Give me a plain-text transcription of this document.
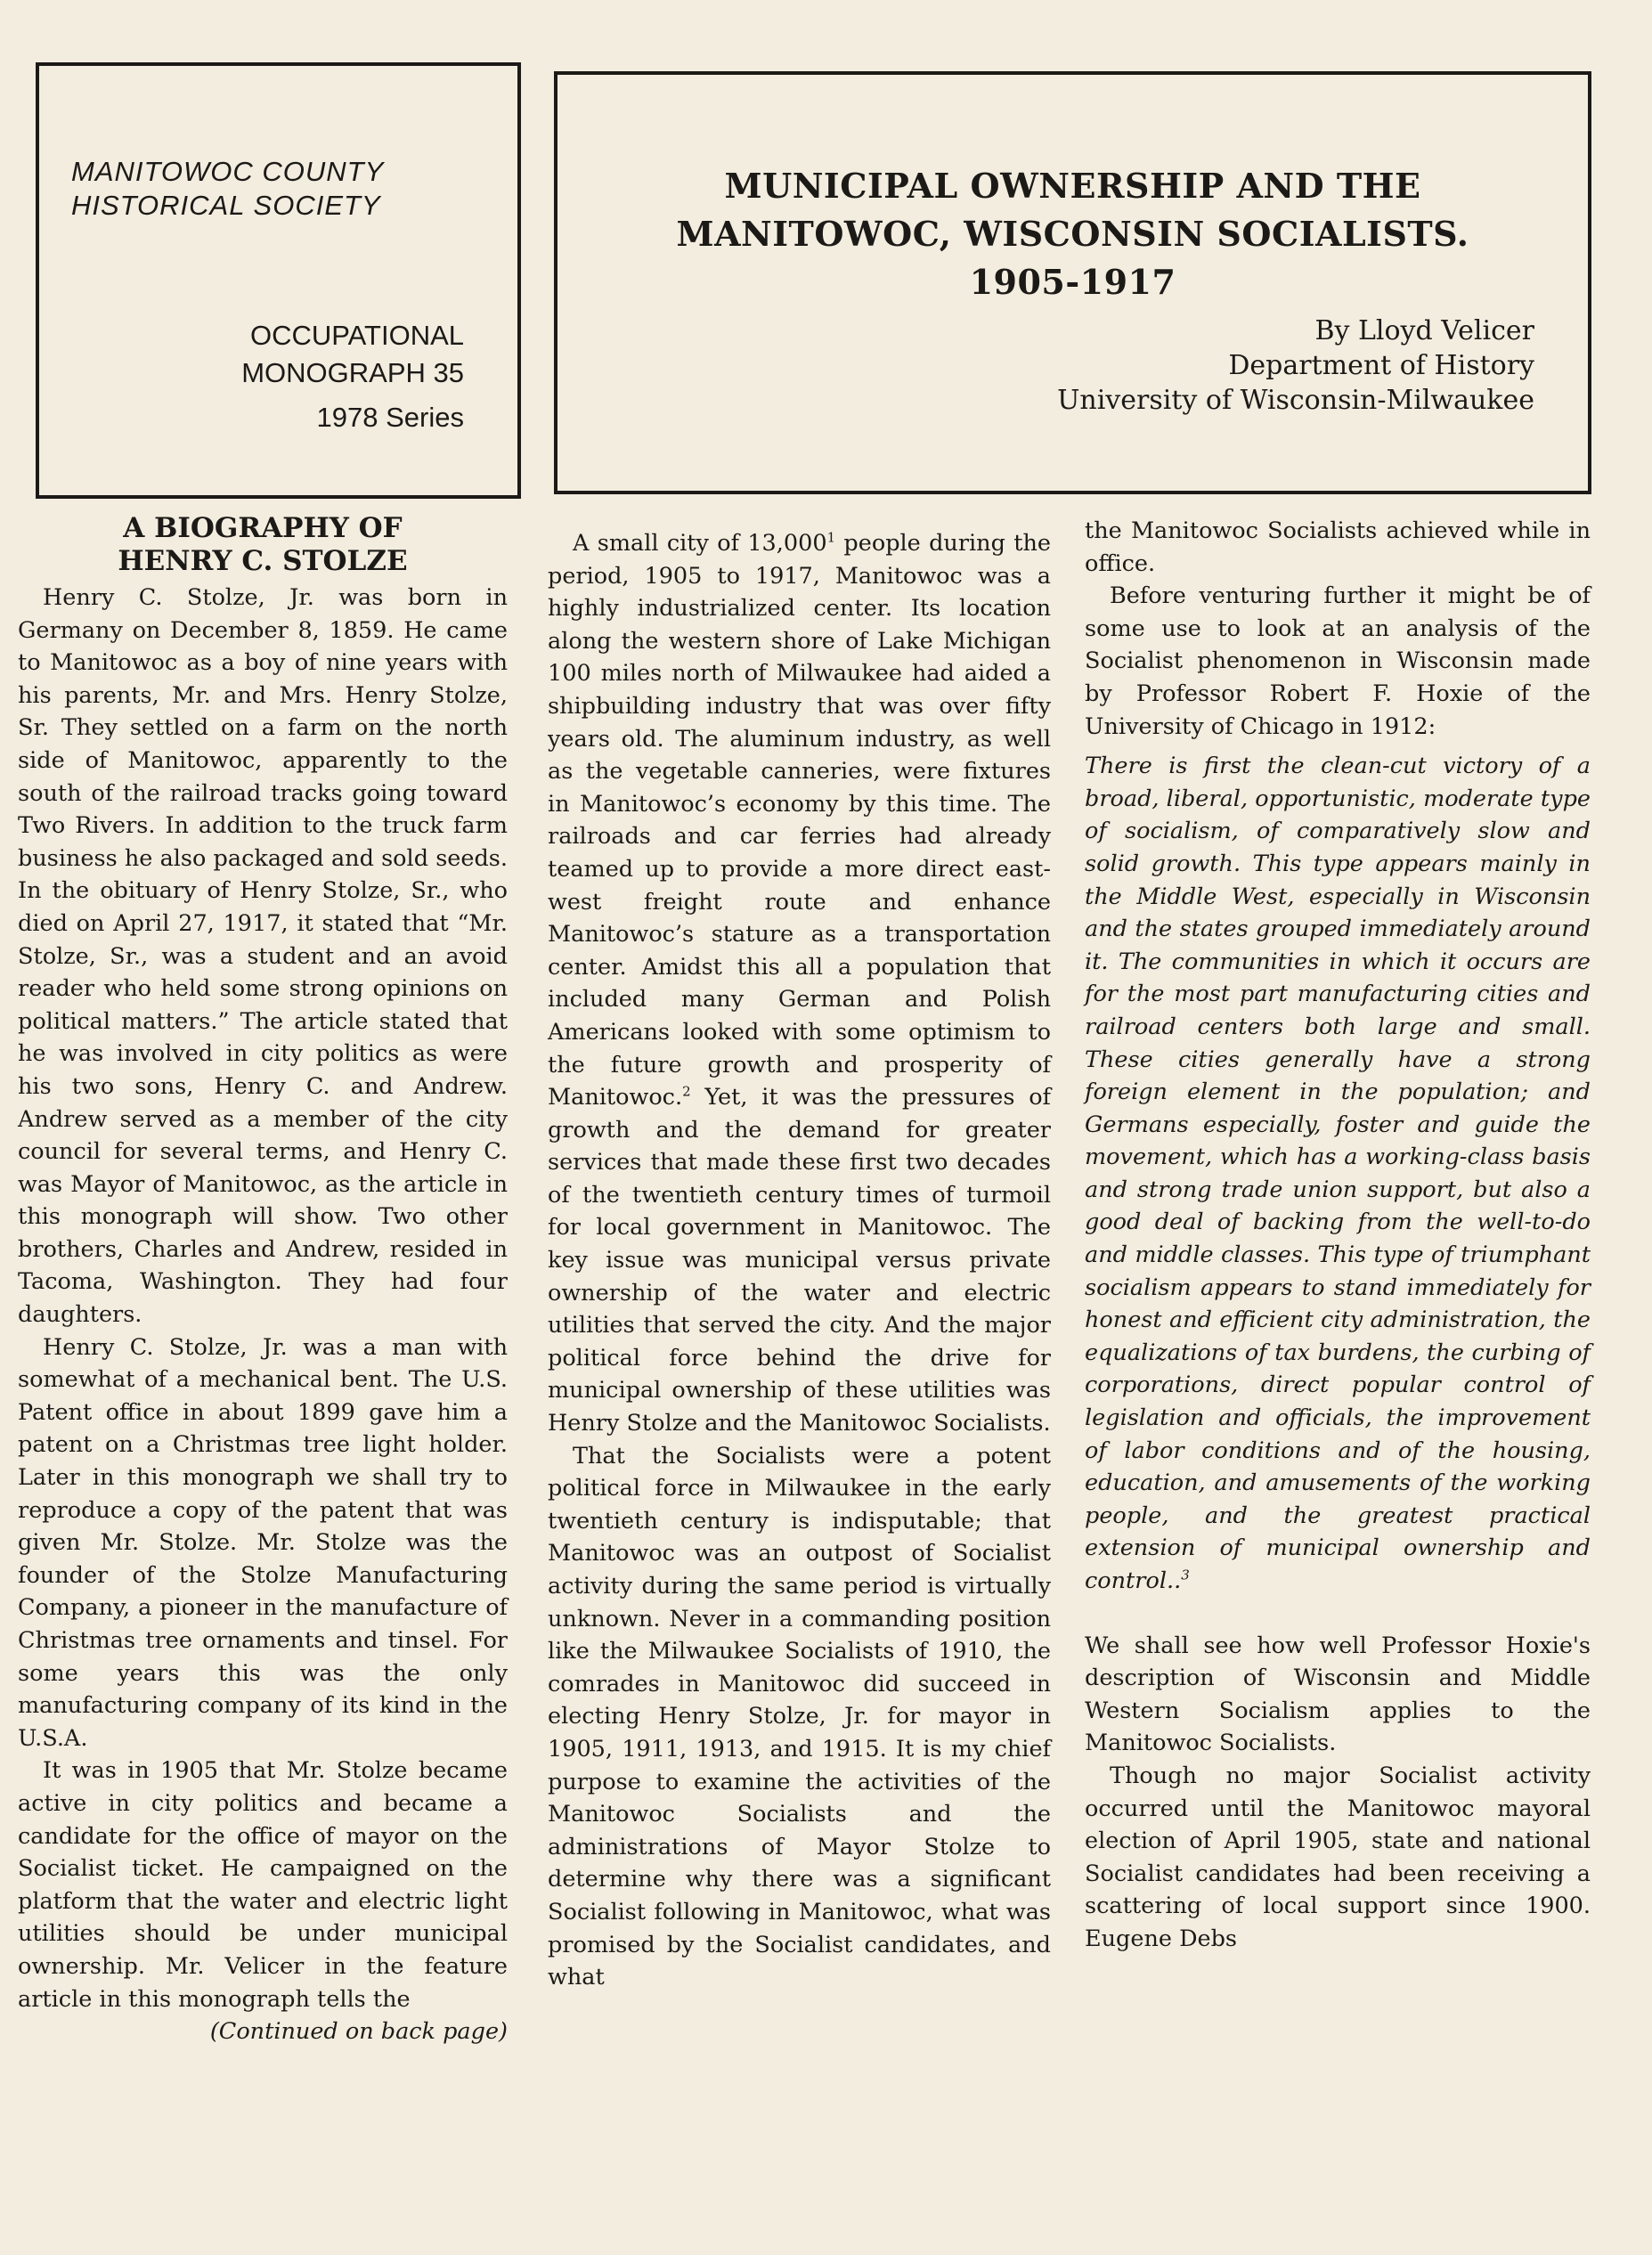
MANITOWOC COUNTY
HISTORICAL SOCIETY

OCCUPATIONAL
MONOGRAPH 35
1978 Series

MUNICIPAL OWNERSHIP AND THE
MANITOWOC, WISCONSIN SOCIALISTS.
1905-1917

By Lloyd Velicer
Department of History
University of Wisconsin-Milwaukee

A BIOGRAPHY OF
HENRY C. STOLZE

Henry C. Stolze, Jr. was born in Germany on December 8, 1859. He came to Manitowoc as a boy of nine years with his parents, Mr. and Mrs. Henry Stolze, Sr. They settled on a farm on the north side of Manitowoc, apparently to the south of the railroad tracks going toward Two Rivers. In addition to the truck farm business he also packaged and sold seeds. In the obituary of Henry Stolze, Sr., who died on April 27, 1917, it stated that “Mr. Stolze, Sr., was a student and an avoid reader who held some strong opinions on political matters.” The article stated that he was involved in city politics as were his two sons, Henry C. and Andrew. Andrew served as a member of the city council for several terms, and Henry C. was Mayor of Manitowoc, as the article in this monograph will show. Two other brothers, Charles and Andrew, resided in Tacoma, Washington. They had four daughters.

Henry C. Stolze, Jr. was a man with somewhat of a mechanical bent. The U.S. Patent office in about 1899 gave him a patent on a Christmas tree light holder. Later in this monograph we shall try to reproduce a copy of the patent that was given Mr. Stolze. Mr. Stolze was the founder of the Stolze Manufacturing Company, a pioneer in the manufacture of Christmas tree ornaments and tinsel. For some years this was the only manufacturing company of its kind in the U.S.A.

It was in 1905 that Mr. Stolze became active in city politics and became a candidate for the office of mayor on the Socialist ticket. He campaigned on the platform that the water and electric light utilities should be under municipal ownership. Mr. Velicer in the feature article in this monograph tells the

(Continued on back page)

A small city of 13,000$^1$ people during the period, 1905 to 1917, Manitowoc was a highly industrialized center. Its location along the western shore of Lake Michigan 100 miles north of Milwaukee had aided a shipbuilding industry that was over fifty years old. The aluminum industry, as well as the vegetable canneries, were fixtures in Manitowoc’s economy by this time. The railroads and car ferries had already teamed up to provide a more direct east-west freight route and enhance Manitowoc’s stature as a transportation center. Amidst this all a population that included many German and Polish Americans looked with some optimism to the future growth and prosperity of Manitowoc.$^2$ Yet, it was the pressures of growth and the demand for greater services that made these first two decades of the twentieth century times of turmoil for local government in Manitowoc. The key issue was municipal versus private ownership of the water and electric utilities that served the city. And the major political force behind the drive for municipal ownership of these utilities was Henry Stolze and the Manitowoc Socialists.

That the Socialists were a potent political force in Milwaukee in the early twentieth century is indisputable; that Manitowoc was an outpost of Socialist activity during the same period is virtually unknown. Never in a commanding position like the Milwaukee Socialists of 1910, the comrades in Manitowoc did succeed in electing Henry Stolze, Jr. for mayor in 1905, 1911, 1913, and 1915. It is my chief purpose to examine the activities of the Manitowoc Socialists and the administrations of Mayor Stolze to determine why there was a significant Socialist following in Manitowoc, what was promised by the Socialist candidates, and what

the Manitowoc Socialists achieved while in office.

Before venturing further it might be of some use to look at an analysis of the Socialist phenomenon in Wisconsin made by Professor Robert F. Hoxie of the University of Chicago in 1912:

There is first the clean-cut victory of a broad, liberal, opportunistic, moderate type of socialism, of comparatively slow and solid growth. This type appears mainly in the Middle West, especially in Wisconsin and the states grouped immediately around it. The communities in which it occurs are for the most part manufacturing cities and railroad centers both large and small. These cities generally have a strong foreign element in the population; and Germans especially, foster and guide the movement, which has a working-class basis and strong trade union support, but also a good deal of backing from the well-to-do and middle classes. This type of triumphant socialism appears to stand immediately for honest and efficient city administration, the equalizations of tax burdens, the curbing of corporations, direct popular control of legislation and officials, the improvement of labor conditions and of the housing, education, and amusements of the working people, and the greatest practical extension of municipal ownership and control..$^3$

We shall see how well Professor Hoxie's description of Wisconsin and Middle Western Socialism applies to the Manitowoc Socialists.

Though no major Socialist activity occurred until the Manitowoc mayoral election of April 1905, state and national Socialist candidates had been receiving a scattering of local support since 1900. Eugene Debs
